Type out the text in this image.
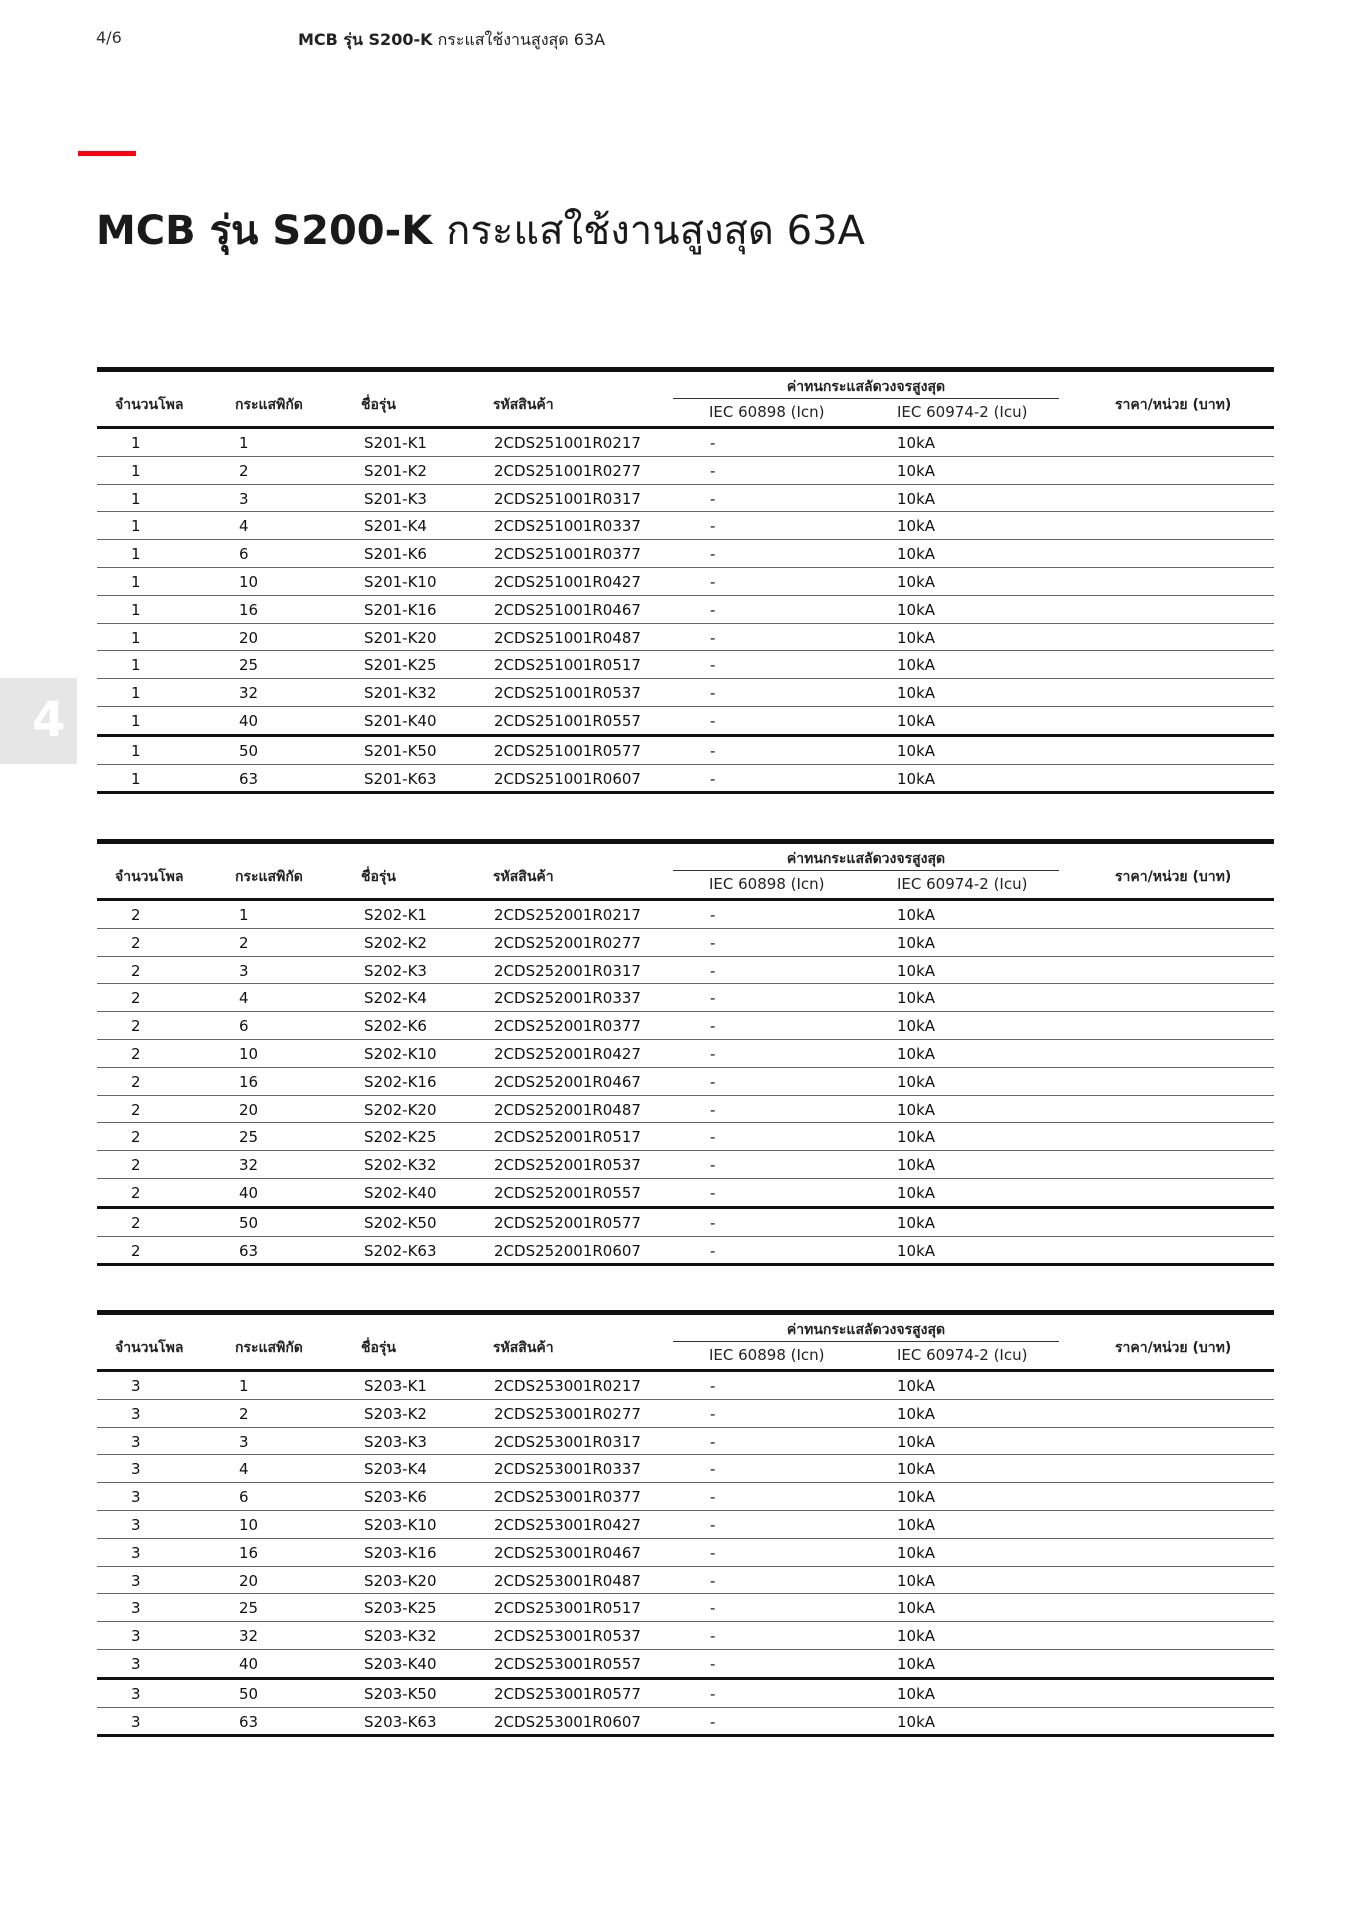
4/6	MCB รุ่น S200-K กระแสใช้งานสูงสุด 63A
MCB รุ่น S200-K กระแสใช้งานสูงสุด 63A
4
จำนวนโพล	กระแสพิกัด	ชื่อรุ่น	รหัสสินค้า	ราคา/หน่วย (บาท)
ค่าทนกระแสลัดวงจรสูงสุด
IEC 60898 (Icn)	IEC 60974-2 (Icu)
1	1	S201-K1	2CDS251001R0217	-	10kA
1	2	S201-K2	2CDS251001R0277	-	10kA
1	3	S201-K3	2CDS251001R0317	-	10kA
1	4	S201-K4	2CDS251001R0337	-	10kA
1	6	S201-K6	2CDS251001R0377	-	10kA
1	10	S201-K10	2CDS251001R0427	-	10kA
1	16	S201-K16	2CDS251001R0467	-	10kA
1	20	S201-K20	2CDS251001R0487	-	10kA
1	25	S201-K25	2CDS251001R0517	-	10kA
1	32	S201-K32	2CDS251001R0537	-	10kA
1	40	S201-K40	2CDS251001R0557	-	10kA
1	50	S201-K50	2CDS251001R0577	-	10kA
1	63	S201-K63	2CDS251001R0607	-	10kA
จำนวนโพล	กระแสพิกัด	ชื่อรุ่น	รหัสสินค้า	ราคา/หน่วย (บาท)
ค่าทนกระแสลัดวงจรสูงสุด
IEC 60898 (Icn)	IEC 60974-2 (Icu)
2	1	S202-K1	2CDS252001R0217	-	10kA
2	2	S202-K2	2CDS252001R0277	-	10kA
2	3	S202-K3	2CDS252001R0317	-	10kA
2	4	S202-K4	2CDS252001R0337	-	10kA
2	6	S202-K6	2CDS252001R0377	-	10kA
2	10	S202-K10	2CDS252001R0427	-	10kA
2	16	S202-K16	2CDS252001R0467	-	10kA
2	20	S202-K20	2CDS252001R0487	-	10kA
2	25	S202-K25	2CDS252001R0517	-	10kA
2	32	S202-K32	2CDS252001R0537	-	10kA
2	40	S202-K40	2CDS252001R0557	-	10kA
2	50	S202-K50	2CDS252001R0577	-	10kA
2	63	S202-K63	2CDS252001R0607	-	10kA
จำนวนโพล	กระแสพิกัด	ชื่อรุ่น	รหัสสินค้า	ราคา/หน่วย (บาท)
ค่าทนกระแสลัดวงจรสูงสุด
IEC 60898 (Icn)	IEC 60974-2 (Icu)
3	1	S203-K1	2CDS253001R0217	-	10kA
3	2	S203-K2	2CDS253001R0277	-	10kA
3	3	S203-K3	2CDS253001R0317	-	10kA
3	4	S203-K4	2CDS253001R0337	-	10kA
3	6	S203-K6	2CDS253001R0377	-	10kA
3	10	S203-K10	2CDS253001R0427	-	10kA
3	16	S203-K16	2CDS253001R0467	-	10kA
3	20	S203-K20	2CDS253001R0487	-	10kA
3	25	S203-K25	2CDS253001R0517	-	10kA
3	32	S203-K32	2CDS253001R0537	-	10kA
3	40	S203-K40	2CDS253001R0557	-	10kA
3	50	S203-K50	2CDS253001R0577	-	10kA
3	63	S203-K63	2CDS253001R0607	-	10kA
